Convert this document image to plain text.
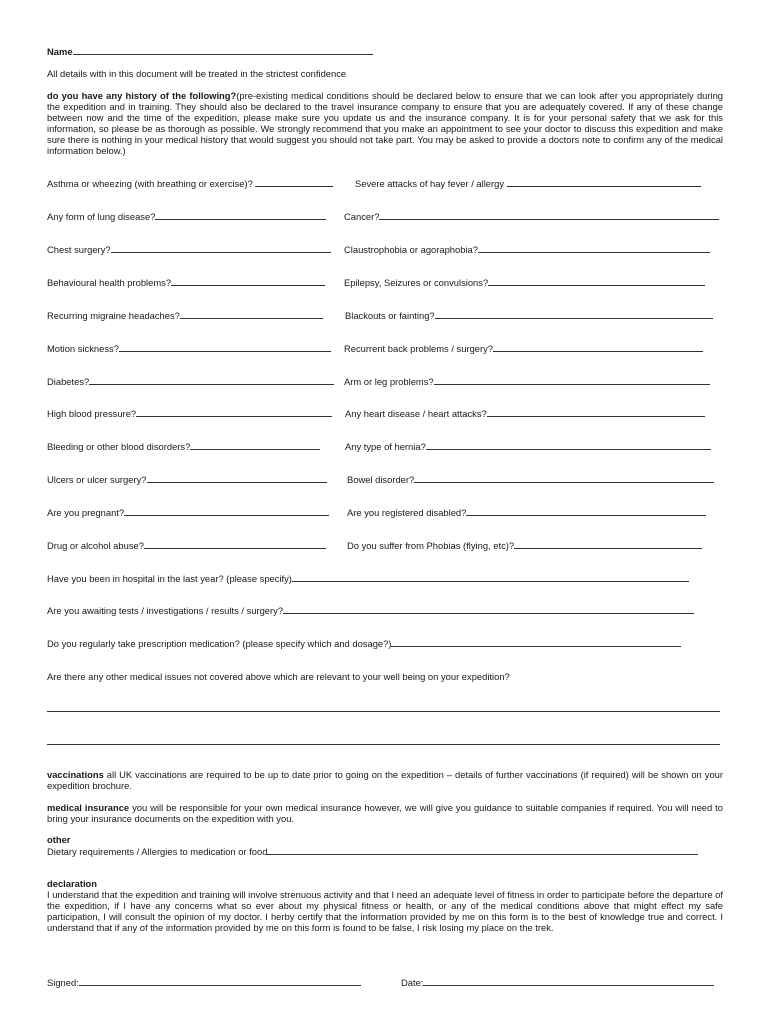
Name
All details with in this document will be treated in the strictest confidence
do you have any history of the following?(pre-existing medical conditions should be declared below to ensure that we can look after you appropriately during the expedition and in training. They should also be declared to the travel insurance company to ensure that you are adequately covered. If any of these change between now and the time of the expedition, please make sure you update us and the insurance company. It is for your personal safety that we ask for this information, so please be as thorough as possible. We strongly recommend that you make an appointment to see your doctor to discuss this expedition and make sure there is nothing in your medical history that would suggest you should not take part. You may be asked to provide a doctors note to confirm any of the medical information below.)
Asthma or wheezing (with breathing or exercise)?	Severe attacks of hay fever / allergy
Any form of lung disease?	Cancer?
Chest surgery?	Claustrophobia or agoraphobia?
Behavioural health problems?	Epilepsy, Seizures or convulsions?
Recurring migraine headaches?	Blackouts or fainting?
Motion sickness?	Recurrent back problems / surgery?
Diabetes?	Arm or leg problems?
High blood pressure?	Any heart disease / heart attacks?
Bleeding or other blood disorders?	Any type of hernia?
Ulcers or ulcer surgery?	Bowel disorder?
Are you pregnant?	Are you registered disabled?
Drug or alcohol abuse?	Do you suffer from Phobias (flying, etc)?
Have you been in hospital in the last year? (please specify)
Are you awaiting tests / investigations / results / surgery?
Do you regularly take prescription medication? (please specify which and dosage?)
Are there any other medical issues not covered above which are relevant to your well being on your expedition?
vaccinations all UK vaccinations are required to be up to date prior to going on the expedition – details of further vaccinations (if required) will be shown on your expedition brochure.
medical insurance you will be responsible for your own medical insurance however, we will give you guidance to suitable companies if required. You will need to bring your insurance documents on the expedition with you.
other
Dietary requirements / Allergies to medication or food
declaration
I understand that the expedition and training will involve strenuous activity and that I need an adequate level of fitness in order to participate before the departure of the expedition, if I have any concerns what so ever about my physical fitness or health, or any of the medical conditions above that might effect my safe participation, I will consult the opinion of my doctor. I herby certify that the information provided by me on this form is to the best of knowledge true and correct. I understand that if any of the information provided by me on this form is found to be false, I risk losing my place on the trek.
Signed:	Date:
